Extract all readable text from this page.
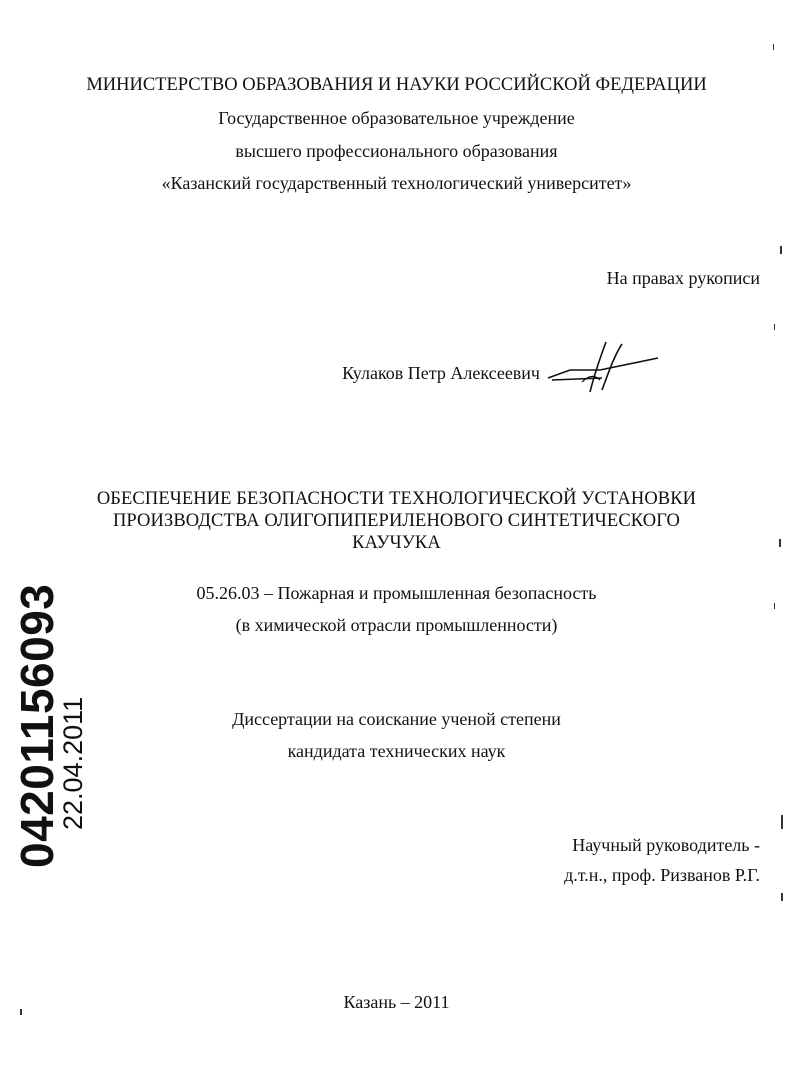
МИНИСТЕРСТВО ОБРАЗОВАНИЯ И НАУКИ РОССИЙСКОЙ ФЕДЕРАЦИИ
Государственное образовательное учреждение
высшего профессионального образования
«Казанский государственный технологический университет»
На правах рукописи
Кулаков Петр Алексеевич
ОБЕСПЕЧЕНИЕ БЕЗОПАСНОСТИ ТЕХНОЛОГИЧЕСКОЙ УСТАНОВКИ
ПРОИЗВОДСТВА ОЛИГОПИПЕРИЛЕНОВОГО СИНТЕТИЧЕСКОГО
КАУЧУКА
05.26.03 – Пожарная и промышленная безопасность
(в химической отрасли промышленности)
Диссертации на соискание ученой степени
кандидата технических наук
Научный руководитель -
д.т.н., проф. Ризванов Р.Г.
Казань – 2011
04201156093
22.04.2011
